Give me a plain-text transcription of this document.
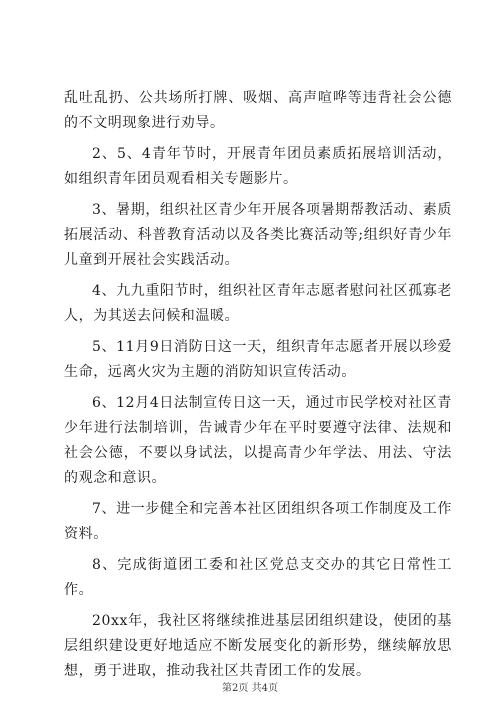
乱吐乱扔、公共场所打牌、吸烟、高声喧哗等违背社会公德的不文明现象进行劝导。

2、5、4青年节时，开展青年团员素质拓展培训活动，如组织青年团员观看相关专题影片。

3、暑期，组织社区青少年开展各项暑期帮教活动、素质拓展活动、科普教育活动以及各类比赛活动等;组织好青少年儿童到开展社会实践活动。

4、九九重阳节时，组织社区青年志愿者慰问社区孤寡老人，为其送去问候和温暖。

5、11月9日消防日这一天，组织青年志愿者开展以珍爱生命，远离火灾为主题的消防知识宣传活动。

6、12月4日法制宣传日这一天，通过市民学校对社区青少年进行法制培训，告诫青少年在平时要遵守法律、法规和社会公德，不要以身试法，以提高青少年学法、用法、守法的观念和意识。

7、进一步健全和完善本社区团组织各项工作制度及工作资料。

8、完成街道团工委和社区党总支交办的其它日常性工作。

20xx年，我社区将继续推进基层团组织建设，使团的基层组织建设更好地适应不断发展变化的新形势，继续解放思想，勇于进取，推动我社区共青团工作的发展。

第2页 共4页
